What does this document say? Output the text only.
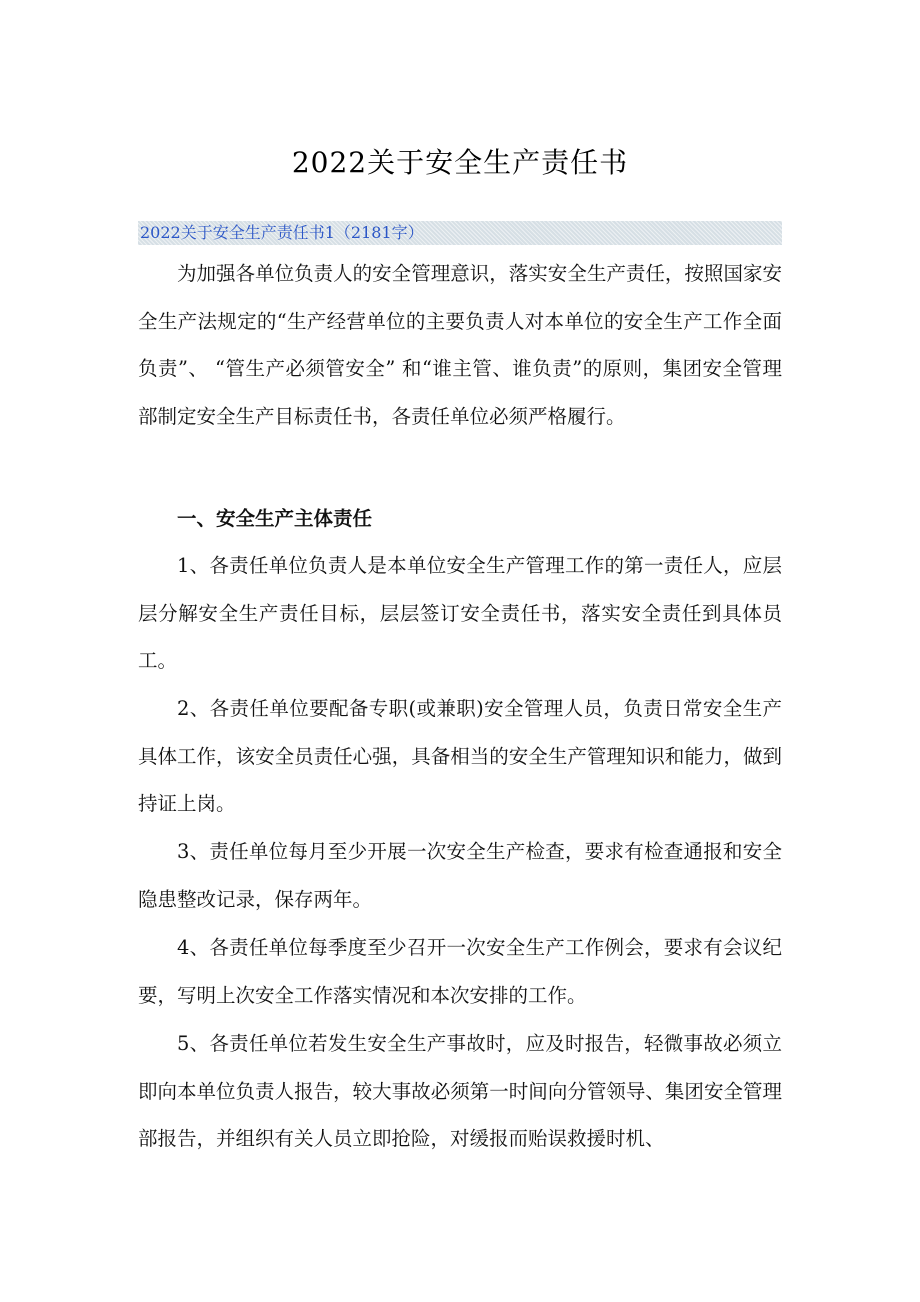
2022关于安全生产责任书
2022关于安全生产责任书1（2181字）
为加强各单位负责人的安全管理意识，落实安全生产责任，按照国家安全生产法规定的“生产经营单位的主要负责人对本单位的安全生产工作全面负责”、 “管生产必须管安全” 和“谁主管、谁负责”的原则，集团安全管理部制定安全生产目标责任书，各责任单位必须严格履行。
一、安全生产主体责任
1、各责任单位负责人是本单位安全生产管理工作的第一责任人，应层层分解安全生产责任目标，层层签订安全责任书，落实安全责任到具体员工。
2、各责任单位要配备专职(或兼职)安全管理人员，负责日常安全生产具体工作，该安全员责任心强，具备相当的安全生产管理知识和能力，做到持证上岗。
3、责任单位每月至少开展一次安全生产检查，要求有检查通报和安全隐患整改记录，保存两年。
4、各责任单位每季度至少召开一次安全生产工作例会，要求有会议纪要，写明上次安全工作落实情况和本次安排的工作。
5、各责任单位若发生安全生产事故时，应及时报告，轻微事故必须立即向本单位负责人报告，较大事故必须第一时间向分管领导、集团安全管理部报告，并组织有关人员立即抢险，对缓报而贻误救援时机、
